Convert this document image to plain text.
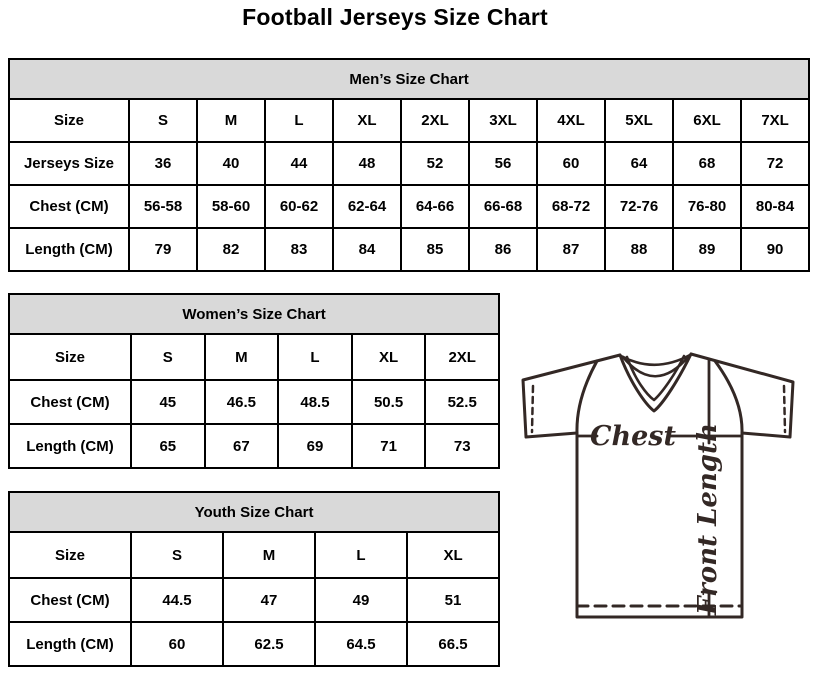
Football Jerseys Size Chart
Men’s Size Chart										
Size	S	M	L	XL	2XL	3XL	4XL	5XL	6XL	7XL
Jerseys Size	36	40	44	48	52	56	60	64	68	72
Chest (CM)	56-58	58-60	60-62	62-64	64-66	66-68	68-72	72-76	76-80	80-84
Length (CM)	79	82	83	84	85	86	87	88	89	90
Women’s Size Chart					
Size	S	M	L	XL	2XL
Chest (CM)	45	46.5	48.5	50.5	52.5
Length (CM)	65	67	69	71	73
Youth Size Chart				
Size	S	M	L	XL
Chest (CM)	44.5	47	49	51
Length (CM)	60	62.5	64.5	66.5
Chest Front Length
